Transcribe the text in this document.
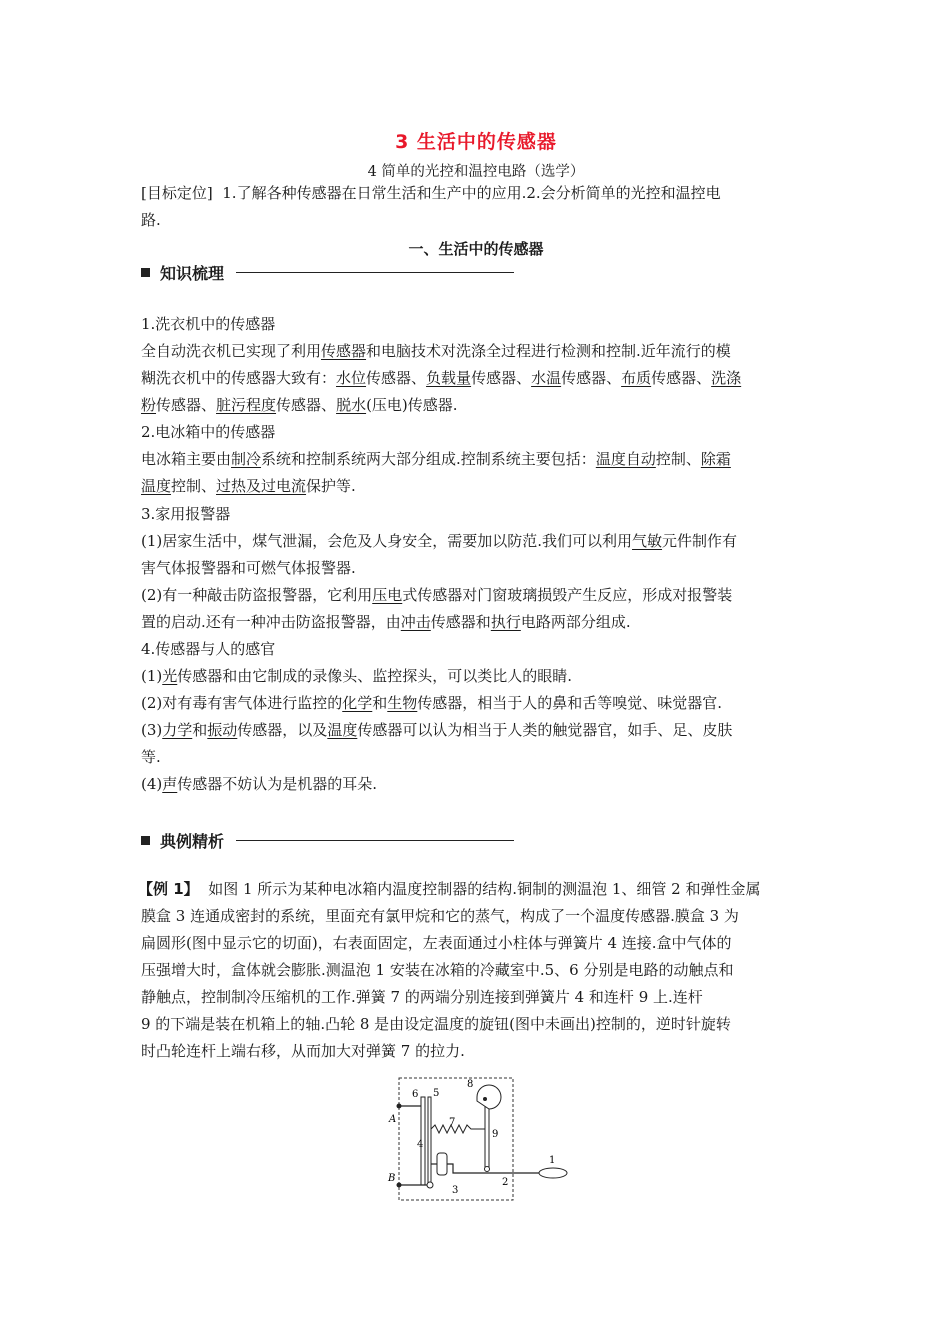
3 生活中的传感器
4 简单的光控和温控电路（选学）
[目标定位] 1.了解各种传感器在日常生活和生产中的应用.2.会分析简单的光控和温控电
路.
一、生活中的传感器
知识梳理
1.洗衣机中的传感器
全自动洗衣机已实现了利用传感器和电脑技术对洗涤全过程进行检测和控制.近年流行的模
糊洗衣机中的传感器大致有：水位传感器、负载量传感器、水温传感器、布质传感器、洗涤
粉传感器、脏污程度传感器、脱水(压电)传感器.
2.电冰箱中的传感器
电冰箱主要由制冷系统和控制系统两大部分组成.控制系统主要包括：温度自动控制、除霜
温度控制、过热及过电流保护等.
3.家用报警器
(1)居家生活中，煤气泄漏，会危及人身安全，需要加以防范.我们可以利用气敏元件制作有
害气体报警器和可燃气体报警器.
(2)有一种敲击防盗报警器，它利用压电式传感器对门窗玻璃损毁产生反应，形成对报警装
置的启动.还有一种冲击防盗报警器，由冲击传感器和执行电路两部分组成.
4.传感器与人的感官
(1)光传感器和由它制成的录像头、监控探头，可以类比人的眼睛.
(2)对有毒有害气体进行监控的化学和生物传感器，相当于人的鼻和舌等嗅觉、味觉器官.
(3)力学和振动传感器，以及温度传感器可以认为相当于人类的触觉器官，如手、足、皮肤
等.
(4)声传感器不妨认为是机器的耳朵.
典例精析
【例 1】 如图 1 所示为某种电冰箱内温度控制器的结构.铜制的测温泡 1、细管 2 和弹性金属
膜盒 3 连通成密封的系统，里面充有氯甲烷和它的蒸气，构成了一个温度传感器.膜盒 3 为
扁圆形(图中显示它的切面)，右表面固定，左表面通过小柱体与弹簧片 4 连接.盒中气体的
压强增大时，盒体就会膨胀.测温泡 1 安装在冰箱的冷藏室中.5、6 分别是电路的动触点和
静触点，控制制冷压缩机的工作.弹簧 7 的两端分别连接到弹簧片 4 和连杆 9 上.连杆
9 的下端是装在机箱上的轴.凸轮 8 是由设定温度的旋钮(图中未画出)控制的，逆时针旋转
时凸轮连杆上端右移，从而加大对弹簧 7 的拉力.
A
B
6 5
4
7
8
9
3
2
1
